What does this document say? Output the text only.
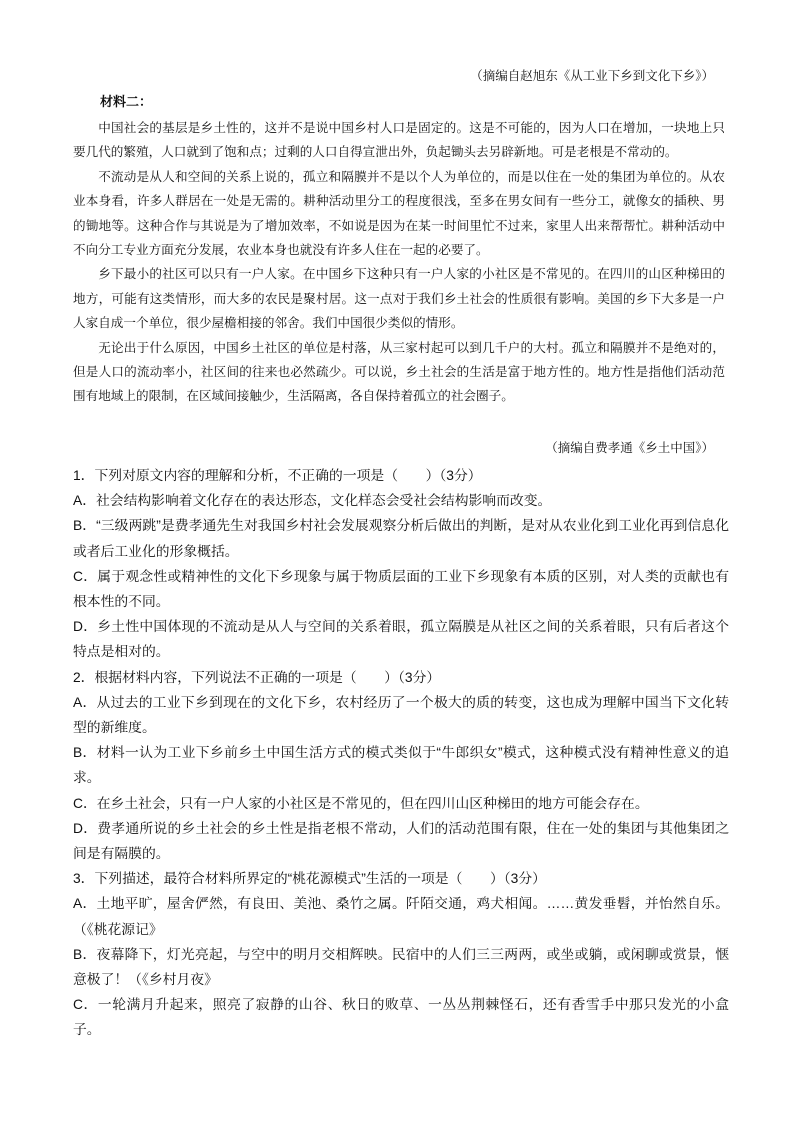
（摘编自赵旭东《从工业下乡到文化下乡》）
材料二：

中国社会的基层是乡土性的，这并不是说中国乡村人口是固定的。这是不可能的，因为人口在增加，一块地上只要几代的繁殖，人口就到了饱和点；过剩的人口自得宣泄出外，负起锄头去另辟新地。可是老根是不常动的。

不流动是从人和空间的关系上说的，孤立和隔膜并不是以个人为单位的，而是以住在一处的集团为单位的。从农业本身看，许多人群居在一处是无需的。耕种活动里分工的程度很浅，至多在男女间有一些分工，就像女的插秧、男的锄地等。这种合作与其说是为了增加效率，不如说是因为在某一时间里忙不过来，家里人出来帮帮忙。耕种活动中不向分工专业方面充分发展，农业本身也就没有许多人住在一起的必要了。

乡下最小的社区可以只有一户人家。在中国乡下这种只有一户人家的小社区是不常见的。在四川的山区种梯田的地方，可能有这类情形，而大多的农民是聚村居。这一点对于我们乡土社会的性质很有影响。美国的乡下大多是一户人家自成一个单位，很少屋檐相接的邻舍。我们中国很少类似的情形。

无论出于什么原因，中国乡土社区的单位是村落，从三家村起可以到几千户的大村。孤立和隔膜并不是绝对的，但是人口的流动率小，社区间的往来也必然疏少。可以说，乡土社会的生活是富于地方性的。地方性是指他们活动范围有地域上的限制，在区域间接触少，生活隔离，各自保持着孤立的社会圈子。

（摘编自费孝通《乡土中国》）

1．下列对原文内容的理解和分析，不正确的一项是（　　）（3分）

A．社会结构影响着文化存在的表达形态，文化样态会受社会结构影响而改变。

B．“三级两跳”是费孝通先生对我国乡村社会发展观察分析后做出的判断，是对从农业化到工业化再到信息化或者后工业化的形象概括。

C．属于观念性或精神性的文化下乡现象与属于物质层面的工业下乡现象有本质的区别，对人类的贡献也有根本性的不同。

D．乡土性中国体现的不流动是从人与空间的关系着眼，孤立隔膜是从社区之间的关系着眼，只有后者这个特点是相对的。

2．根据材料内容，下列说法不正确的一项是（　　）（3分）

A．从过去的工业下乡到现在的文化下乡，农村经历了一个极大的质的转变，这也成为理解中国当下文化转型的新维度。

B．材料一认为工业下乡前乡土中国生活方式的模式类似于“牛郎织女”模式，这种模式没有精神性意义的追求。

C．在乡土社会，只有一户人家的小社区是不常见的，但在四川山区种梯田的地方可能会存在。

D．费孝通所说的乡土社会的乡土性是指老根不常动，人们的活动范围有限，住在一处的集团与其他集团之间是有隔膜的。

3．下列描述，最符合材料所界定的“桃花源模式”生活的一项是（　　）（3分）

A．土地平旷，屋舍俨然，有良田、美池、桑竹之属。阡陌交通，鸡犬相闻。……黄发垂髫，并怡然自乐。（《桃花源记》

B．夜幕降下，灯光亮起，与空中的明月交相辉映。民宿中的人们三三两两，或坐或躺，或闲聊或赏景，惬意极了！（《乡村月夜》

C．一轮满月升起来，照亮了寂静的山谷、秋日的败草、一丛丛荆棘怪石，还有香雪手中那只发光的小盒子。
